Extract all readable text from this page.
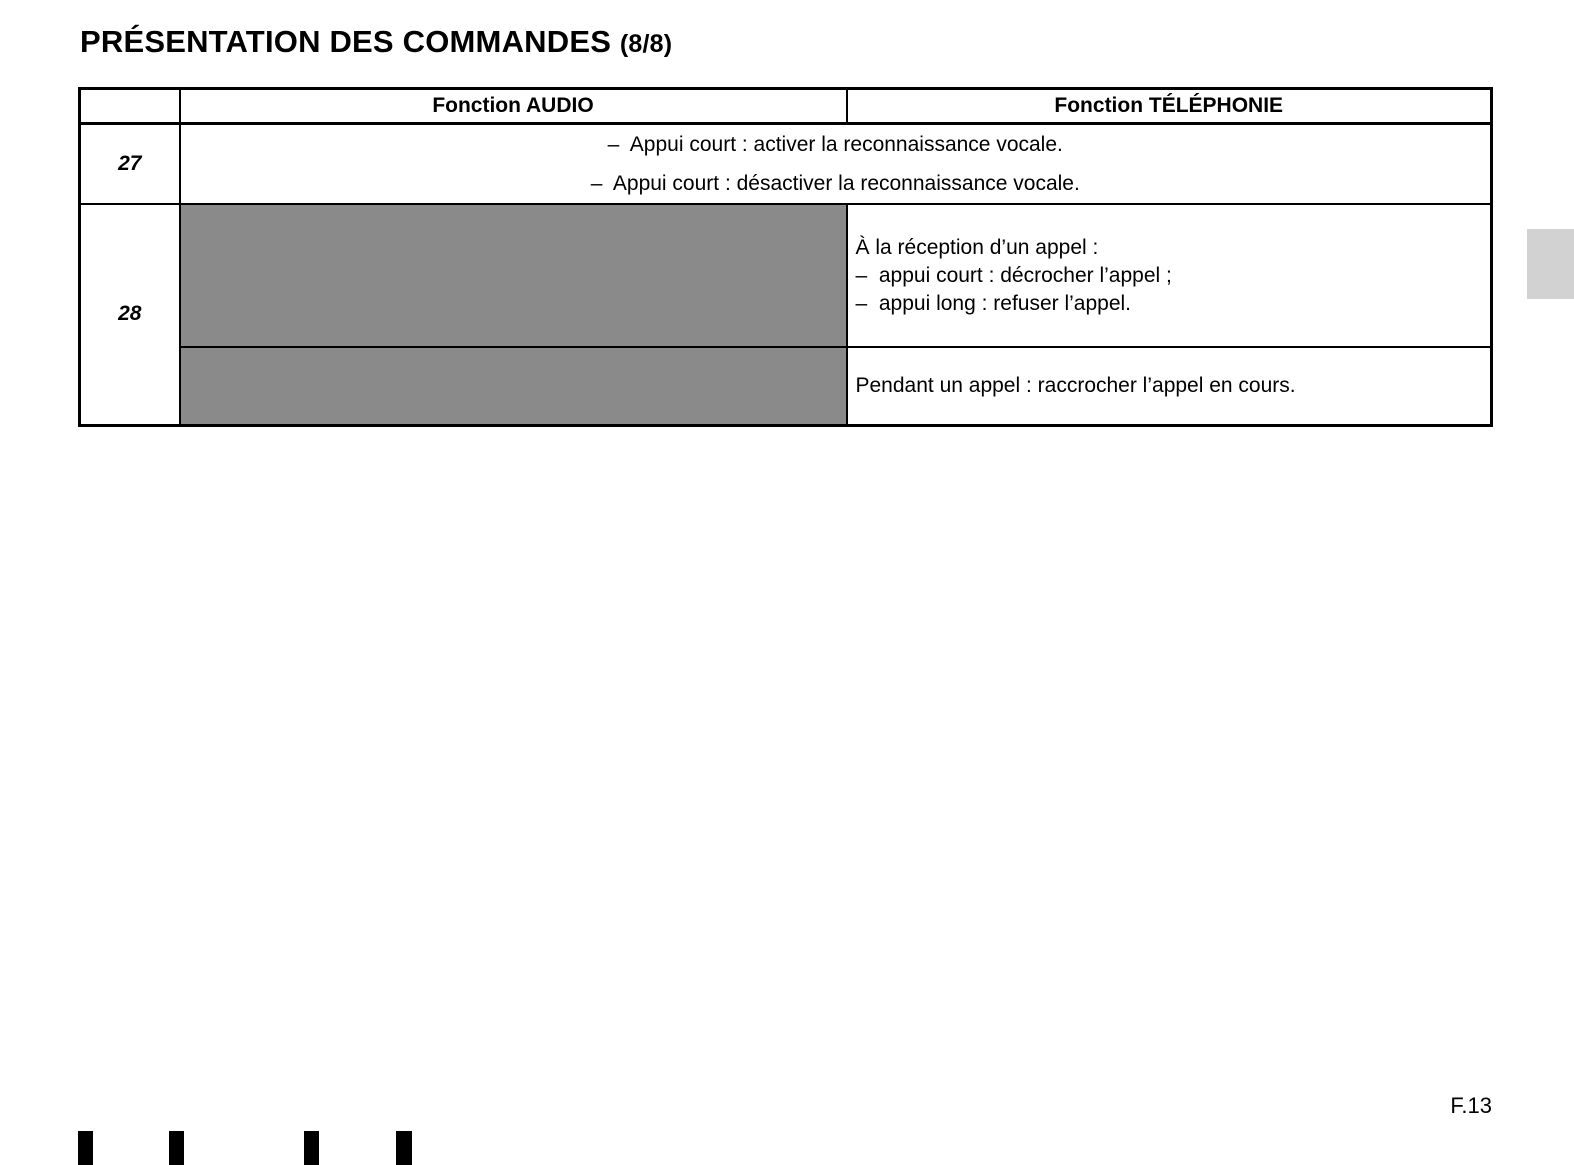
PRÉSENTATION DES COMMANDES (8/8)
	Fonction AUDIO	Fonction TÉLÉPHONIE
27	–  Appui court : activer la reconnaissance vocale.
–  Appui court : désactiver la reconnaissance vocale.	

28		À la réception d’un appel :
–  appui court : décrocher l’appel ;
–  appui long : refuser l’appel.

		Pendant un appel : raccrocher l’appel en cours.
F.13
